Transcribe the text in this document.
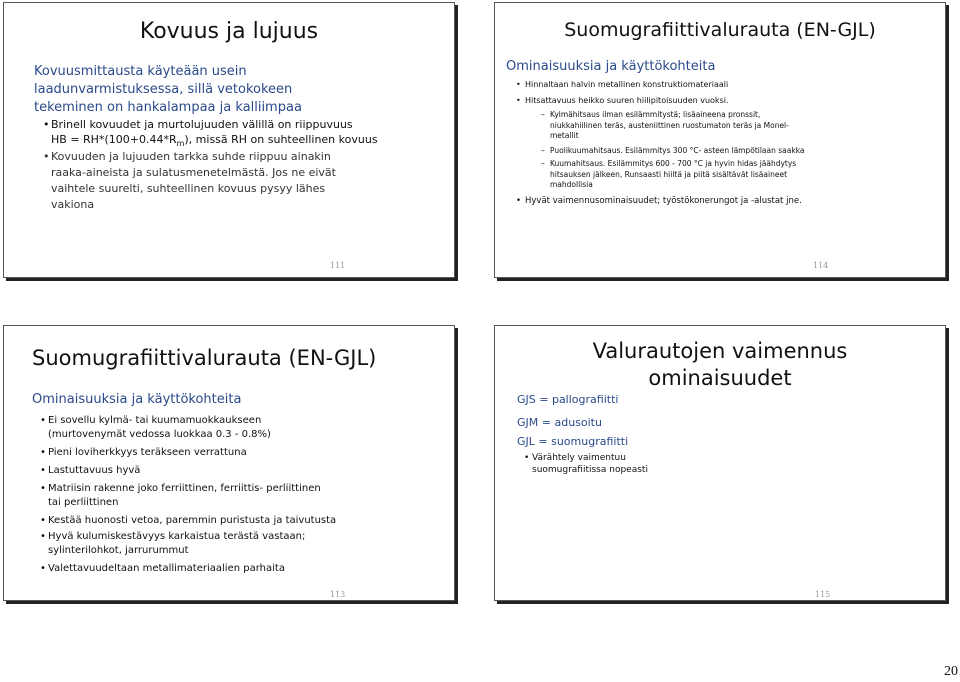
Kovuus ja lujuus
Kovuusmittausta käyteään usein
laadunvarmistuksessa, sillä vetokokeen
tekeminen on hankalampaa ja kalliimpaa
• Brinell kovuudet ja murtolujuuden välillä on riippuvuus
HB = $RH*(100+0.44*R_m)$, missä RH on suhteellinen kovuus
• Kovuuden ja lujuuden tarkka suhde riippuu ainakin
raaka-aineista ja sulatusmenetelmästä. Jos ne eivät
vaihtele suurelti, suhteellinen kovuus pysyy lähes
vakiona
111
Suomugrafiittivalurauta (EN-GJL)
Ominaisuuksia ja käyttökohteita
• Hinnaltaan halvin metallinen konstruktiomateriaali
• Hitsattavuus heikko suuren hiilipitoisuuden vuoksi.
– Kylmähitsaus ilman esilämmitystä; lisäaineena pronssit,
niukkahiilinen teräs, austeniittinen ruostumaton teräs ja Monel-
metallit
– Puolikuumahitsaus. Esilämmitys 300 °C- asteen lämpötilaan saakka
– Kuumahitsaus. Esilämmitys 600 - 700 °C ja hyvin hidas jäähdytys
hitsauksen jälkeen, Runsaasti hiiltä ja piitä sisältävät lisäaineet
mahdollisia
• Hyvät vaimennusominaisuudet; työstökonerungot ja -alustat jne.
114
Suomugrafiittivalurauta (EN-GJL)
Ominaisuuksia ja käyttökohteita
• Ei sovellu kylmä- tai kuumamuokkaukseen
(murtovenymät vedossa luokkaa 0.3 - 0.8%)
• Pieni loviherkkyys teräkseen verrattuna
• Lastuttavuus hyvä
• Matriisin rakenne joko ferriittinen, ferriittis- perliittinen
tai perliittinen
• Kestää huonosti vetoa, paremmin puristusta ja taivutusta
• Hyvä kulumiskestävyys karkaistua terästä vastaan;
sylinterilohkot, jarrurummut
• Valettavuudeltaan metallimateriaalien parhaita
113
Valurautojen vaimennus
ominaisuudet
GJS = pallografiitti
GJM = adusoitu
GJL = suomugrafiitti
• Värähtely vaimentuu
suomugrafiitissa nopeasti
115
20
